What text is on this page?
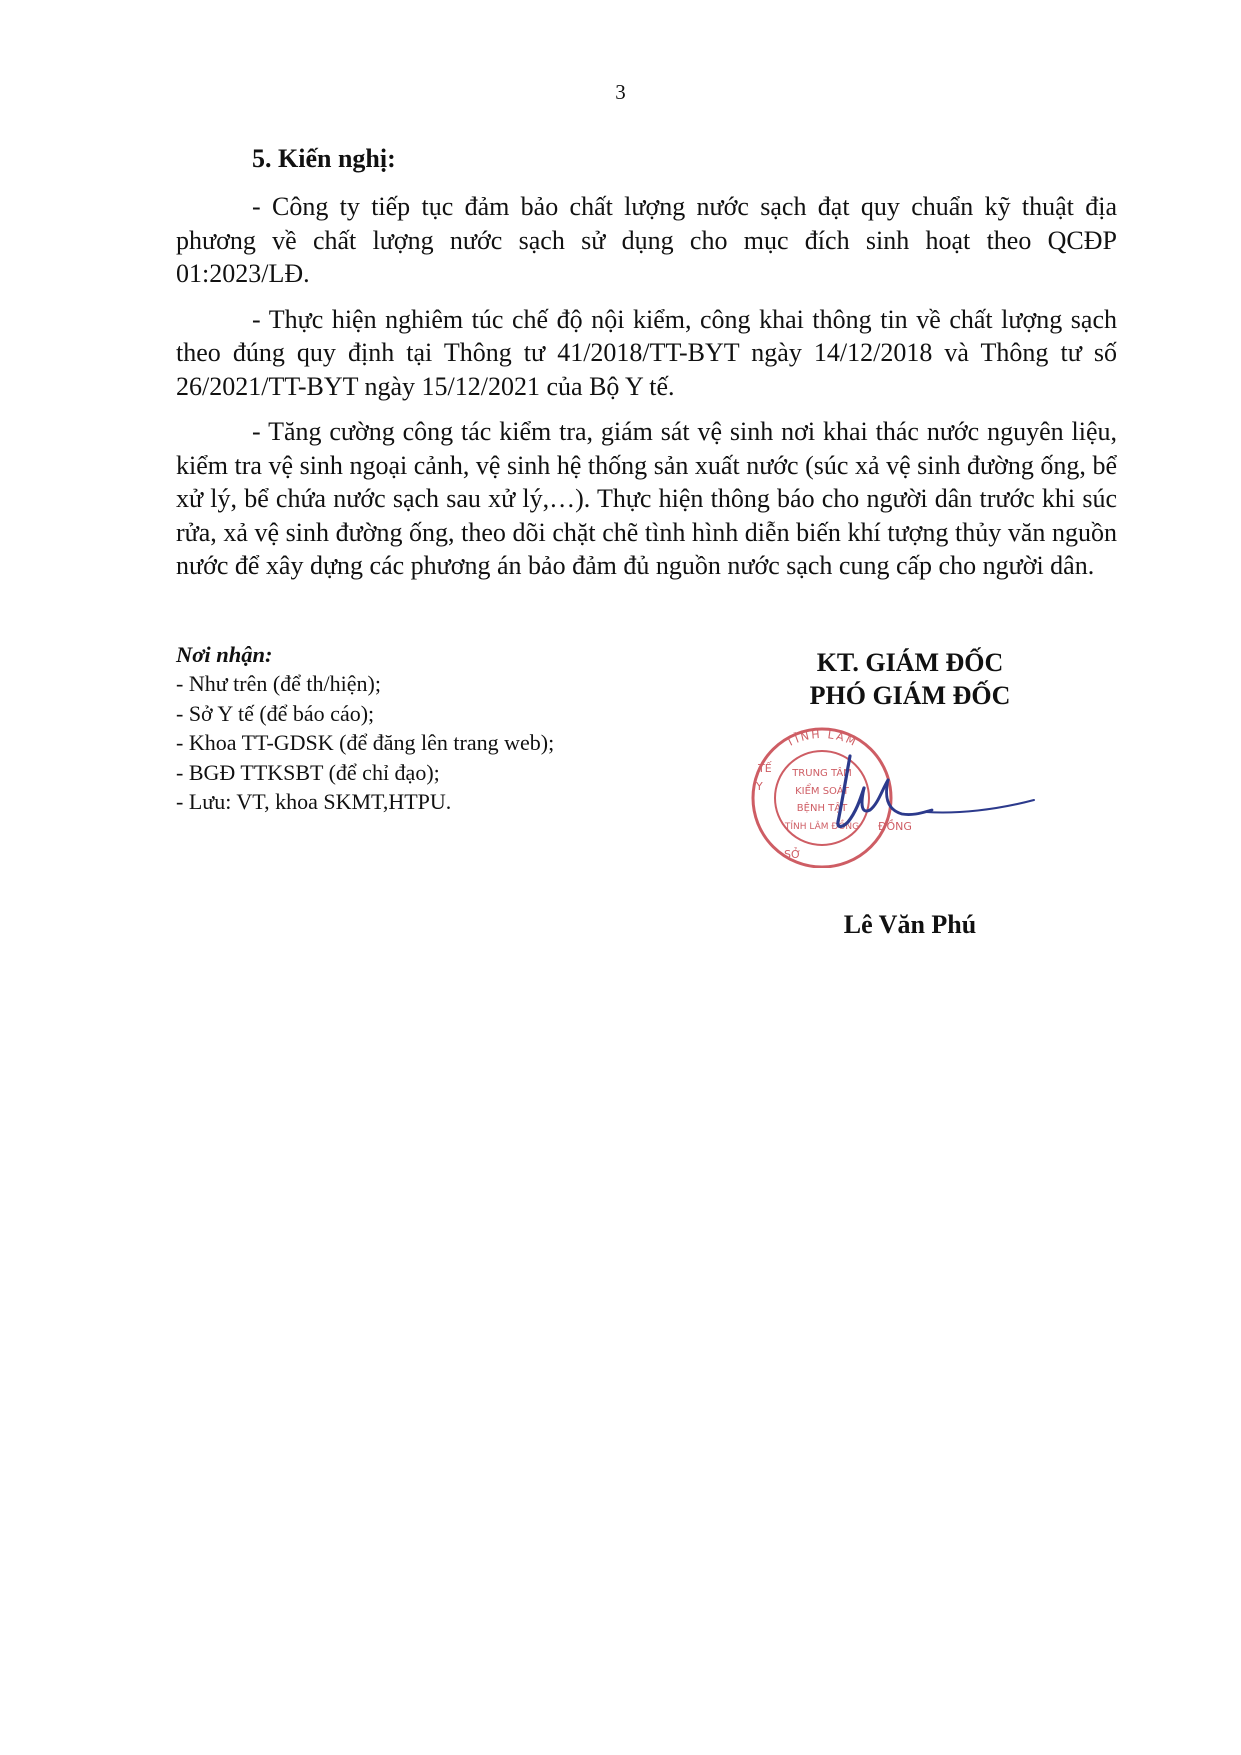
3
5. Kiến nghị:

- Công ty tiếp tục đảm bảo chất lượng nước sạch đạt quy chuẩn kỹ thuật địa phương về chất lượng nước sạch sử dụng cho mục đích sinh hoạt theo QCĐP 01:2023/LĐ.

- Thực hiện nghiêm túc chế độ nội kiểm, công khai thông tin về chất lượng sạch theo đúng quy định tại Thông tư 41/2018/TT-BYT ngày 14/12/2018 và Thông tư số 26/2021/TT-BYT ngày 15/12/2021 của Bộ Y tế.

- Tăng cường công tác kiểm tra, giám sát vệ sinh nơi khai thác nước nguyên liệu, kiểm tra vệ sinh ngoại cảnh, vệ sinh hệ thống sản xuất nước (súc xả vệ sinh đường ống, bể xử lý, bể chứa nước sạch sau xử lý,…). Thực hiện thông báo cho người dân trước khi súc rửa, xả vệ sinh đường ống, theo dõi chặt chẽ tình hình diễn biến khí tượng thủy văn nguồn nước để xây dựng các phương án bảo đảm đủ nguồn nước sạch cung cấp cho người dân.

Nơi nhận:

- Như trên (để th/hiện);

- Sở Y tế (để báo cáo);

- Khoa TT-GDSK (để đăng lên trang web);

- BGĐ TTKSBT (để chỉ đạo);

- Lưu: VT, khoa SKMT,HTPU.

KT. GIÁM ĐỐC

PHÓ GIÁM ĐỐC

TỈNH LÂM
Y
TẾ
ĐỒNG
SỞ
TRUNG TÂM
KIỂM SOÁT
BỆNH TẬT
TỈNH LÂM ĐỒNG
Lê Văn Phú
